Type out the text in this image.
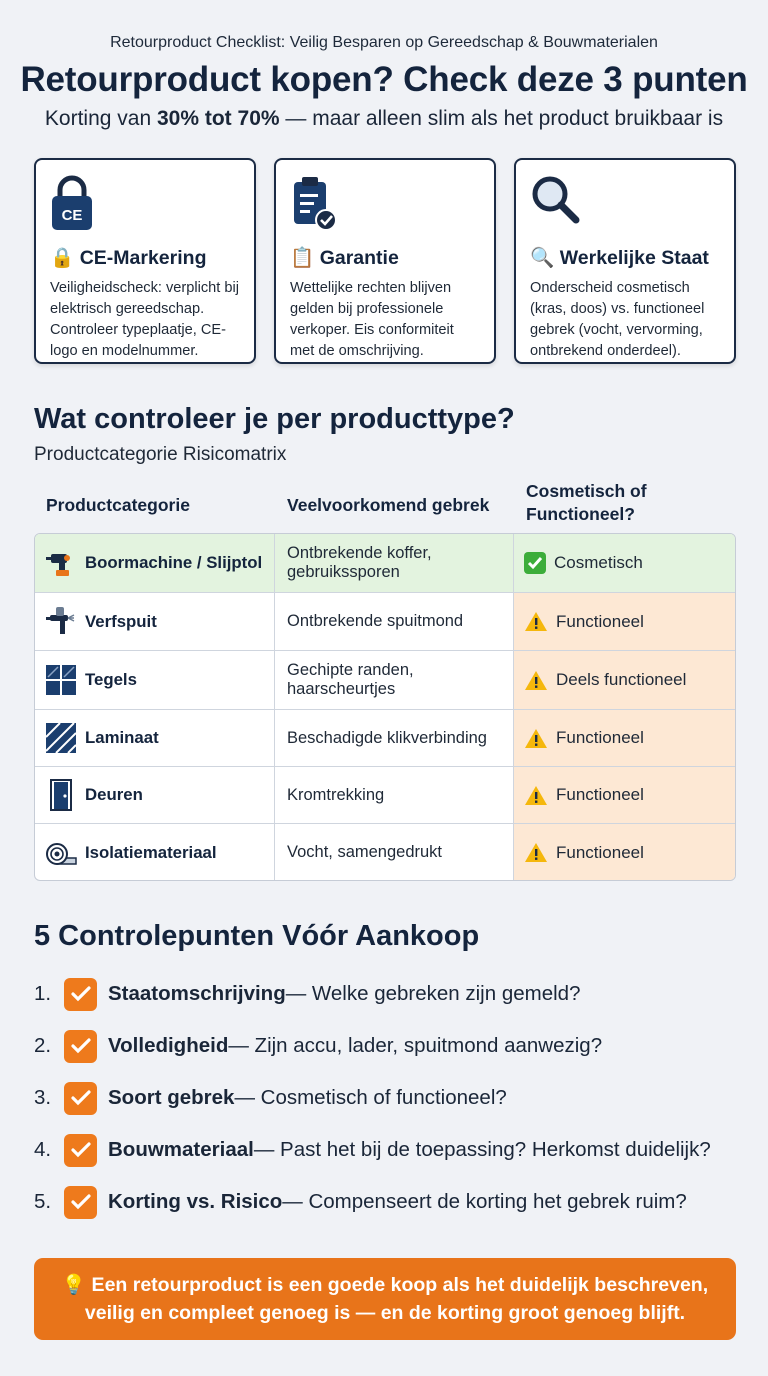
Retourproduct Checklist: Veilig Besparen op Gereedschap & Bouwmaterialen
Retourproduct kopen? Check deze 3 punten
Korting van 30% tot 70% — maar alleen slim als het product bruikbaar is
CE
🔒 CE-Markering
Veiligheidscheck: verplicht bij elektrisch gereedschap. Controleer typeplaatje, CE-logo en modelnummer.
📋 Garantie
Wettelijke rechten blijven gelden bij professionele verkoper. Eis conformiteit met de omschrijving.
🔍 Werkelijke Staat
Onderscheid cosmetisch (kras, doos) vs. functioneel gebrek (vocht, vervorming, ontbrekend onderdeel).
Wat controleer je per producttype?
Productcategorie Risicomatrix
Productcategorie	Veelvoorkomend gebrek
Cosmetisch of Functioneel?
Boormachine / Slijptol	Ontbrekende koffer, gebruikssporen	Cosmetisch
Verfspuit	Ontbrekende spuitmond	Functioneel
Tegels	Gechipte randen, haarscheurtjes	Deels functioneel
Laminaat	Beschadigde klikverbinding	Functioneel
Deuren	Kromtrekking	Functioneel
Isolatiemateriaal	Vocht, samengedrukt	Functioneel
5 Controlepunten Vóór Aankoop
1.	Staatomschrijving — Welke gebreken zijn gemeld?
2.	Volledigheid — Zijn accu, lader, spuitmond aanwezig?
3.	Soort gebrek — Cosmetisch of functioneel?
4.	Bouwmateriaal — Past het bij de toepassing? Herkomst duidelijk?
5.	Korting vs. Risico — Compenseert de korting het gebrek ruim?
💡 Een retourproduct is een goede koop als het duidelijk beschreven,
veilig en compleet genoeg is — en de korting groot genoeg blijft.
